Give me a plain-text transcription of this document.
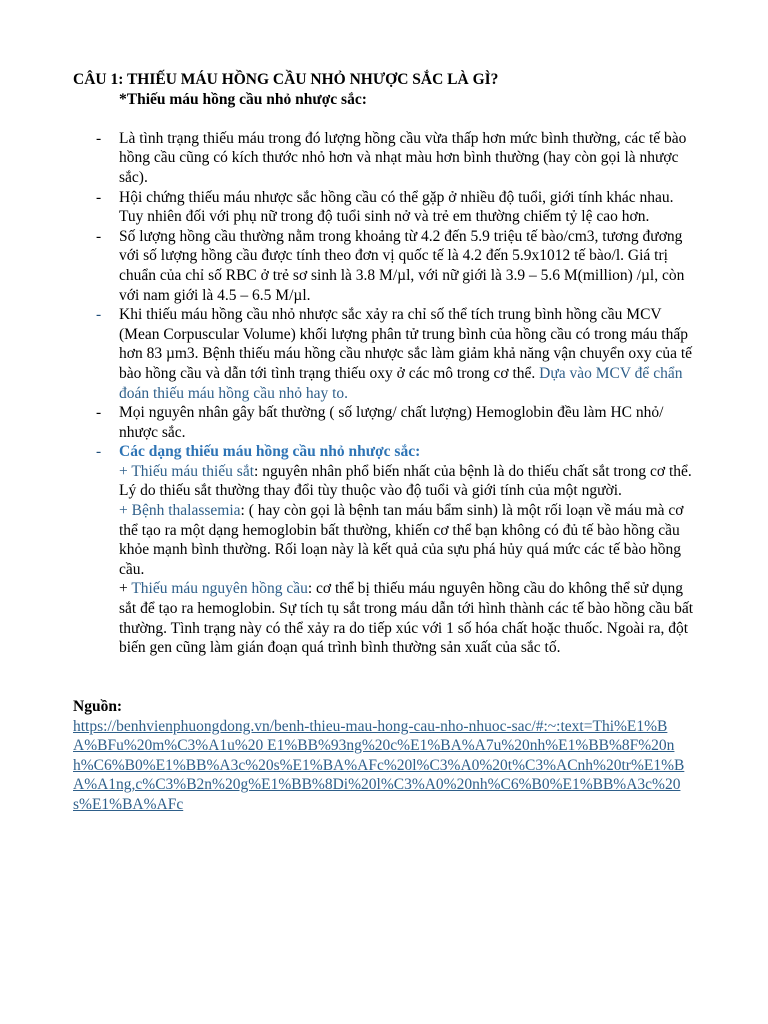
CÂU 1: THIẾU MÁU HỒNG CẦU NHỎ NHƯỢC SẮC LÀ GÌ?

*Thiếu máu hồng cầu nhỏ nhược sắc:

- Là tình trạng thiếu máu trong đó lượng hồng cầu vừa thấp hơn mức bình thường, các tế bào hồng cầu cũng có kích thước nhỏ hơn và nhạt màu hơn bình thường (hay còn gọi là nhược sắc).
- Hội chứng thiếu máu nhược sắc hồng cầu có thể gặp ở nhiều độ tuổi, giới tính khác nhau. Tuy nhiên đối với phụ nữ trong độ tuổi sinh nở và trẻ em thường chiếm tỷ lệ cao hơn.
- Số lượng hồng cầu thường nằm trong khoảng từ 4.2 đến 5.9 triệu tế bào/cm3, tương đương với số lượng hồng cầu được tính theo đơn vị quốc tế là 4.2 đến 5.9x1012 tế bào/l. Giá trị chuẩn của chỉ số RBC ở trẻ sơ sinh là 3.8 M/µl, với nữ giới là 3.9 – 5.6 M(million) /µl, còn với nam giới là 4.5 – 6.5 M/µl.
- Khi thiếu máu hồng cầu nhỏ nhược sắc xảy ra chỉ số thể tích trung bình hồng cầu MCV (Mean Corpuscular Volume) khối lượng phân tử trung bình của hồng cầu có trong máu thấp hơn 83 µm3. Bệnh thiếu máu hồng cầu nhược sắc làm giảm khả năng vận chuyển oxy của tế bào hồng cầu và dẫn tới tình trạng thiếu oxy ở các mô trong cơ thể. Dựa vào MCV để chẩn đoán thiếu máu hồng cầu nhỏ hay to.
- Mọi nguyên nhân gây bất thường ( số lượng/ chất lượng) Hemoglobin đều làm HC nhỏ/ nhược sắc.
- Các dạng thiếu máu hồng cầu nhỏ nhược sắc:
+ Thiếu máu thiếu sắt: nguyên nhân phổ biến nhất của bệnh là do thiếu chất sắt trong cơ thể. Lý do thiếu sắt thường thay đổi tùy thuộc vào độ tuổi và giới tính của một người.
+ Bệnh thalassemia: ( hay còn gọi là bệnh tan máu bẩm sinh) là một rối loạn về máu mà cơ thể tạo ra một dạng hemoglobin bất thường, khiến cơ thể bạn không có đủ tế bào hồng cầu khỏe mạnh bình thường. Rối loạn này là kết quả của sựu phá hủy quá mức các tế bào hồng cầu.
+ Thiếu máu nguyên hồng cầu: cơ thể bị thiếu máu nguyên hồng cầu do không thể sử dụng sắt để tạo ra hemoglobin. Sự tích tụ sắt trong máu dẫn tới hình thành các tế bào hồng cầu bất thường. Tình trạng này có thể xảy ra do tiếp xúc với 1 số hóa chất hoặc thuốc. Ngoài ra, đột biến gen cũng làm gián đoạn quá trình bình thường sản xuất của sắc tố.
Nguồn:
https://benhvienphuongdong.vn/benh-thieu-mau-hong-cau-nho-nhuoc-sac/#:~:text=Thi%E1%BA%BFu%20m%C3%A1u%20 E1%BB%93ng%20c%E1%BA%A7u%20nh%E1%BB%8F%20nh%C6%B0%E1%BB%A3c%20s%E1%BA%AFc%20l%C3%A0%20t%C3%ACnh%20tr%E1%BA%A1ng,c%C3%B2n%20g%E1%BB%8Di%20l%C3%A0%20nh%C6%B0%E1%BB%A3c%20s%E1%BA%AFc
